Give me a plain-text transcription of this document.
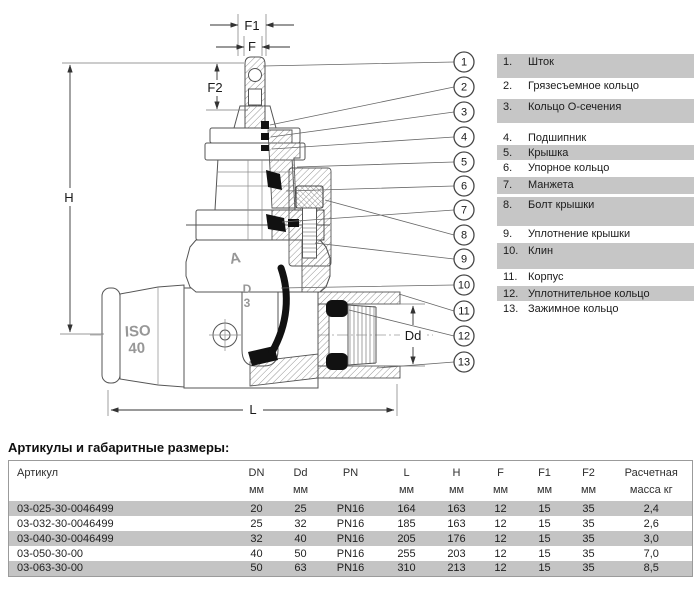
ISO
40
D
3
A
F1
F
F2
H
L
Dd
1
2
3
4
5
6
7
8
9
10
11
12
13
1.	Шток
2.	Грязесъемное кольцо
3.	Кольцо О-сечения
4.	Подшипник
5.	Крышка
6.	Упорное кольцо
7.	Манжета
8.	Болт крышки
9.	Уплотнение крышки
10. Клин
11. Корпус
12. Уплотнительное кольцо
13. Зажимное кольцо
Артикулы и габаритные размеры:
Артикул	DN	Dd	PN	L	H	F	F1	F2	Расчетная
	мм	мм		мм	мм	мм	мм	мм	масса кг
03-025-30-0046499	20	25	PN16	164	163	12	15	35	2,4
03-032-30-0046499	25	32	PN16	185	163	12	15	35	2,6
03-040-30-0046499	32	40	PN16	205	176	12	15	35	3,0
03-050-30-00	40	50	PN16	255	203	12	15	35	7,0
03-063-30-00	50	63	PN16	310	213	12	15	35	8,5
